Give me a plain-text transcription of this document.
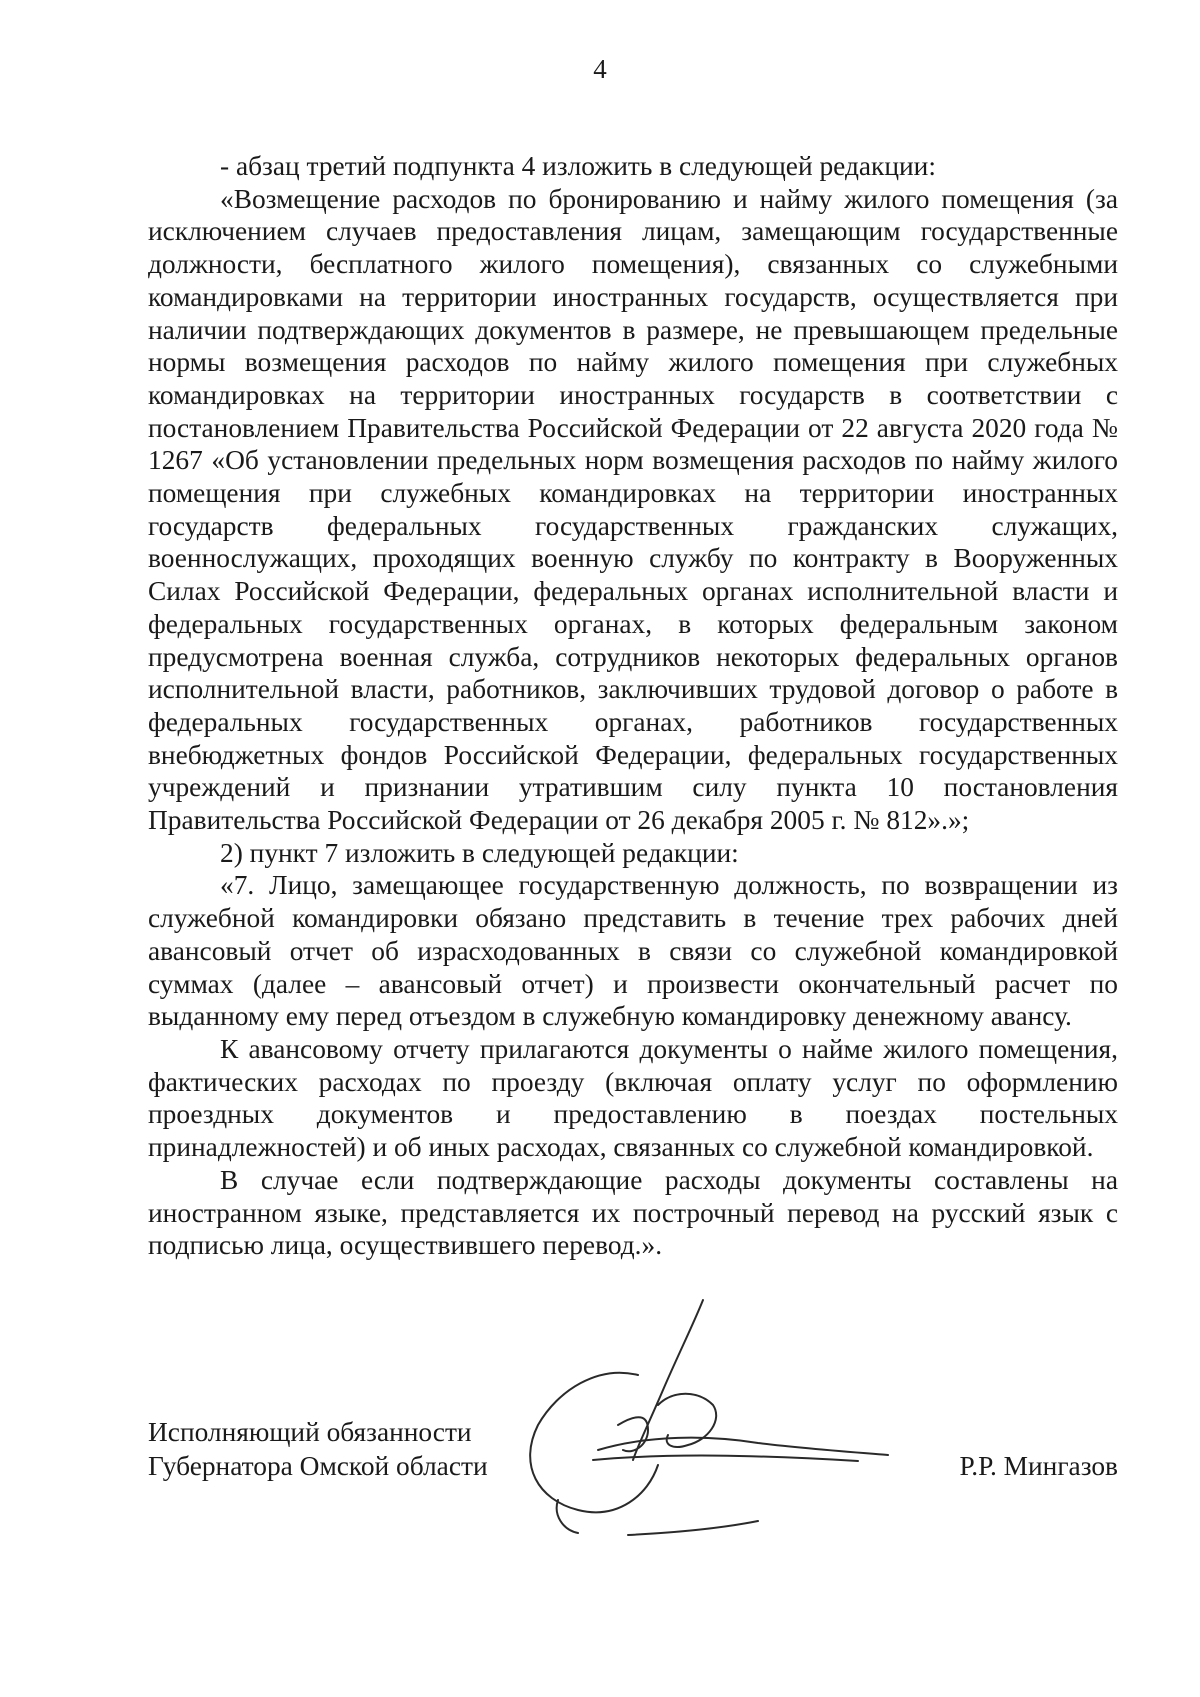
4

- абзац третий подпункта 4 изложить в следующей редакции:

«Возмещение расходов по бронированию и найму жилого помещения (за исключением случаев предоставления лицам, замещающим государственные должности, бесплатного жилого помещения), связанных со служебными командировками на территории иностранных государств, осуществляется при наличии подтверждающих документов в размере, не превышающем предельные нормы возмещения расходов по найму жилого помещения при служебных командировках на территории иностранных государств в соответствии с постановлением Правительства Российской Федерации от 22 августа 2020 года № 1267 «Об установлении предельных норм возмещения расходов по найму жилого помещения при служебных командировках на территории иностранных государств федеральных государственных гражданских служащих, военнослужащих, проходящих военную службу по контракту в Вооруженных Силах Российской Федерации, федеральных органах исполнительной власти и федеральных государственных органах, в которых федеральным законом предусмотрена военная служба, сотрудников некоторых федеральных органов исполнительной власти, работников, заключивших трудовой договор о работе в федеральных государственных органах, работников государственных внебюджетных фондов Российской Федерации, федеральных государственных учреждений и признании утратившим силу пункта 10 постановления Правительства Российской Федерации от 26 декабря 2005 г. № 812».»;

2) пункт 7 изложить в следующей редакции:

«7. Лицо, замещающее государственную должность, по возвращении из служебной командировки обязано представить в течение трех рабочих дней авансовый отчет об израсходованных в связи со служебной командировкой суммах (далее – авансовый отчет) и произвести окончательный расчет по выданному ему перед отъездом в служебную командировку денежному авансу.

К авансовому отчету прилагаются документы о найме жилого помещения, фактических расходах по проезду (включая оплату услуг по оформлению проездных документов и предоставлению в поездах постельных принадлежностей) и об иных расходах, связанных со служебной командировкой.

В случае если подтверждающие расходы документы составлены на иностранном языке, представляется их построчный перевод на русский язык с подписью лица, осуществившего перевод.».

Исполняющий обязанности
Губернатора Омской области	Р.Р. Мингазов
